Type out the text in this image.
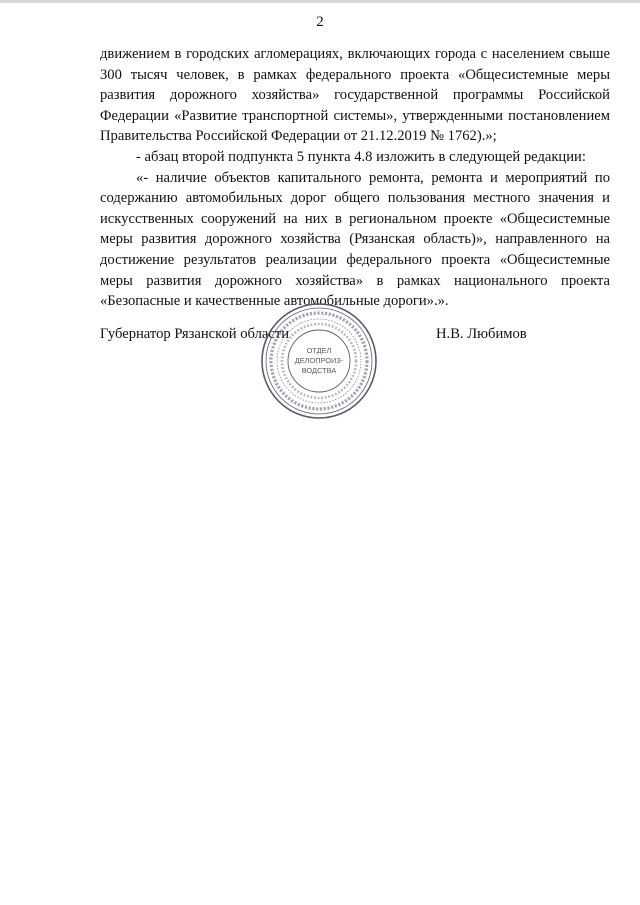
2

движением в городских агломерациях, включающих города с населением свыше 300 тысяч человек, в рамках федерального проекта «Общесистемные меры развития дорожного хозяйства» государственной программы Российской Федерации «Развитие транспортной системы», утвержденными постановлением Правительства Российской Федерации от 21.12.2019 № 1762).»;

- абзац второй подпункта 5 пункта 4.8 изложить в следующей редакции:

«- наличие объектов капитального ремонта, ремонта и мероприятий по содержанию автомобильных дорог общего пользования местного значения и искусственных сооружений на них в региональном проекте «Общесистемные меры развития дорожного хозяйства (Рязанская область)», направленного на достижение результатов реализации федерального проекта «Общесистемные меры развития дорожного хозяйства» в рамках национального проекта «Безопасные и качественные автомобильные дороги».».

Губернатор Рязанской области	Н.В. Любимов
ОТДЕЛ
ДЕЛОПРОИЗ-
ВОДСТВА
